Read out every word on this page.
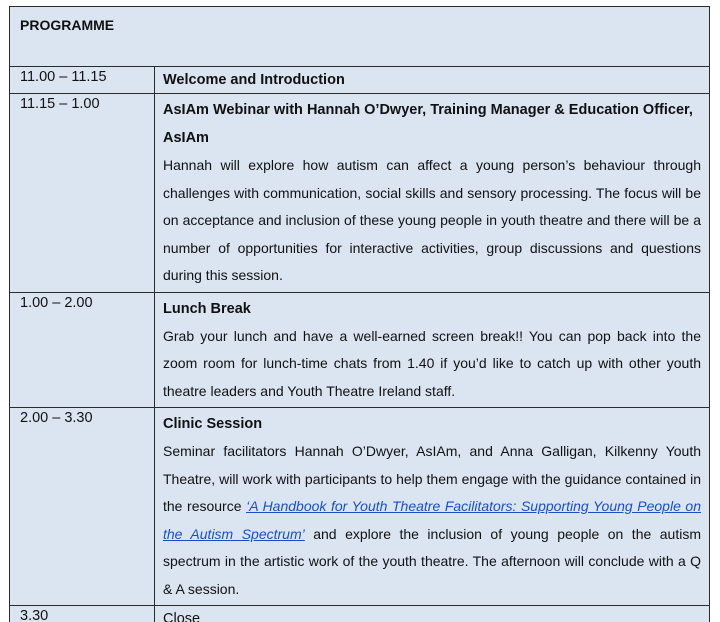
PROGRAMME	
11.00 – 11.15	Welcome and Introduction

11.15 – 1.00	AsIAm Webinar with Hannah O’Dwyer, Training Manager & Education Officer, AsIAm
Hannah will explore how autism can affect a young person’s behaviour through challenges with communication, social skills and sensory processing. The focus will be on acceptance and inclusion of these young people in youth theatre and there will be a number of opportunities for interactive activities, group discussions and questions during this session.

1.00 – 2.00	Lunch Break
Grab your lunch and have a well-earned screen break!! You can pop back into the zoom room for lunch-time chats from 1.40 if you’d like to catch up with other youth theatre leaders and Youth Theatre Ireland staff.

2.00 – 3.30	Clinic Session
Seminar facilitators Hannah O’Dwyer, AsIAm, and Anna Galligan, Kilkenny Youth Theatre, will work with participants to help them engage with the guidance contained in the resource ‘A Handbook for Youth Theatre Facilitators: Supporting Young People on the Autism Spectrum’ and explore the inclusion of young people on the autism spectrum in the artistic work of the youth theatre. The afternoon will conclude with a Q & A session.

3.30	Close
